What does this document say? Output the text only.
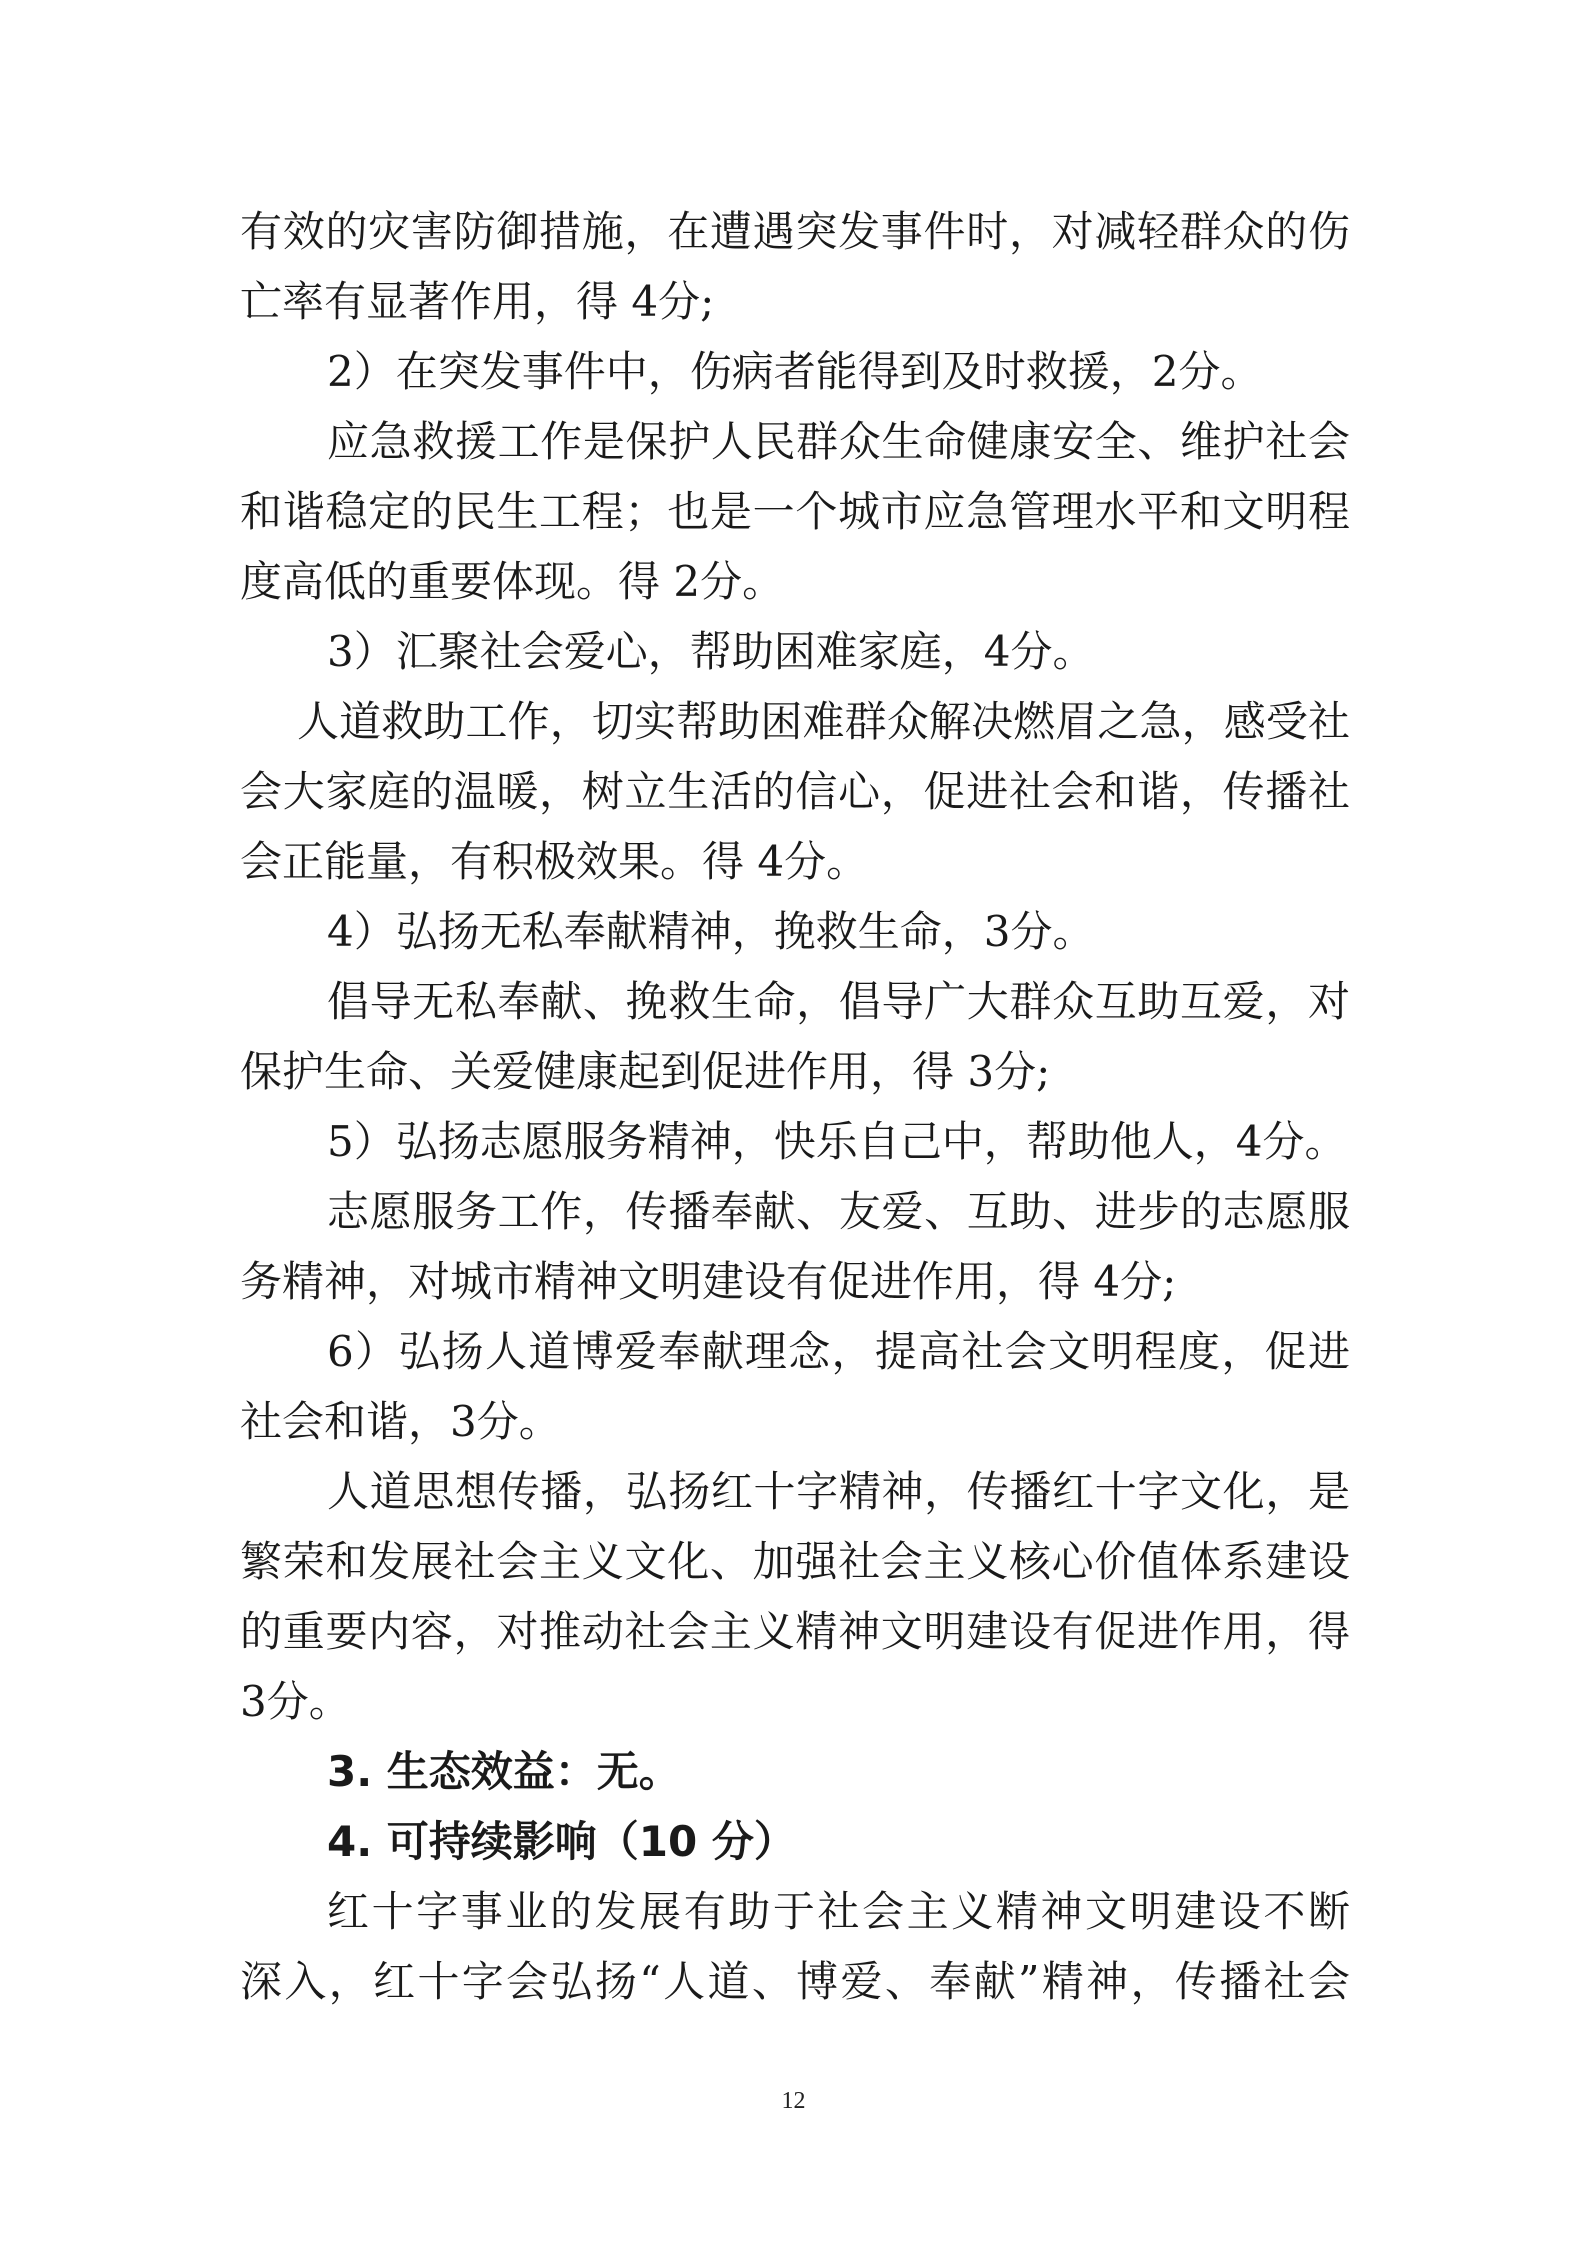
有效的灾害防御措施，在遭遇突发事件时，对减轻群众的伤

亡率有显著作用，得 4分;

2）在突发事件中，伤病者能得到及时救援，2分。

应急救援工作是保护人民群众生命健康安全、维护社会

和谐稳定的民生工程；也是一个城市应急管理水平和文明程

度高低的重要体现。得 2分。

3）汇聚社会爱心，帮助困难家庭，4分。

人道救助工作，切实帮助困难群众解决燃眉之急，感受社

会大家庭的温暖，树立生活的信心，促进社会和谐，传播社

会正能量，有积极效果。得 4分。

4）弘扬无私奉献精神，挽救生命，3分。

倡导无私奉献、挽救生命，倡导广大群众互助互爱，对

保护生命、关爱健康起到促进作用，得 3分;

5）弘扬志愿服务精神，快乐自己中，帮助他人，4分。

志愿服务工作，传播奉献、友爱、互助、进步的志愿服

务精神，对城市精神文明建设有促进作用，得 4分;

6）弘扬人道博爱奉献理念，提高社会文明程度，促进

社会和谐，3分。

人道思想传播，弘扬红十字精神，传播红十字文化，是

繁荣和发展社会主义文化、加强社会主义核心价值体系建设

的重要内容，对推动社会主义精神文明建设有促进作用，得

3分。

3. 生态效益：无。

4. 可持续影响（10 分）

红十字事业的发展有助于社会主义精神文明建设不断

深入，红十字会弘扬“人道、博爱、奉献”精神，传播社会

12
